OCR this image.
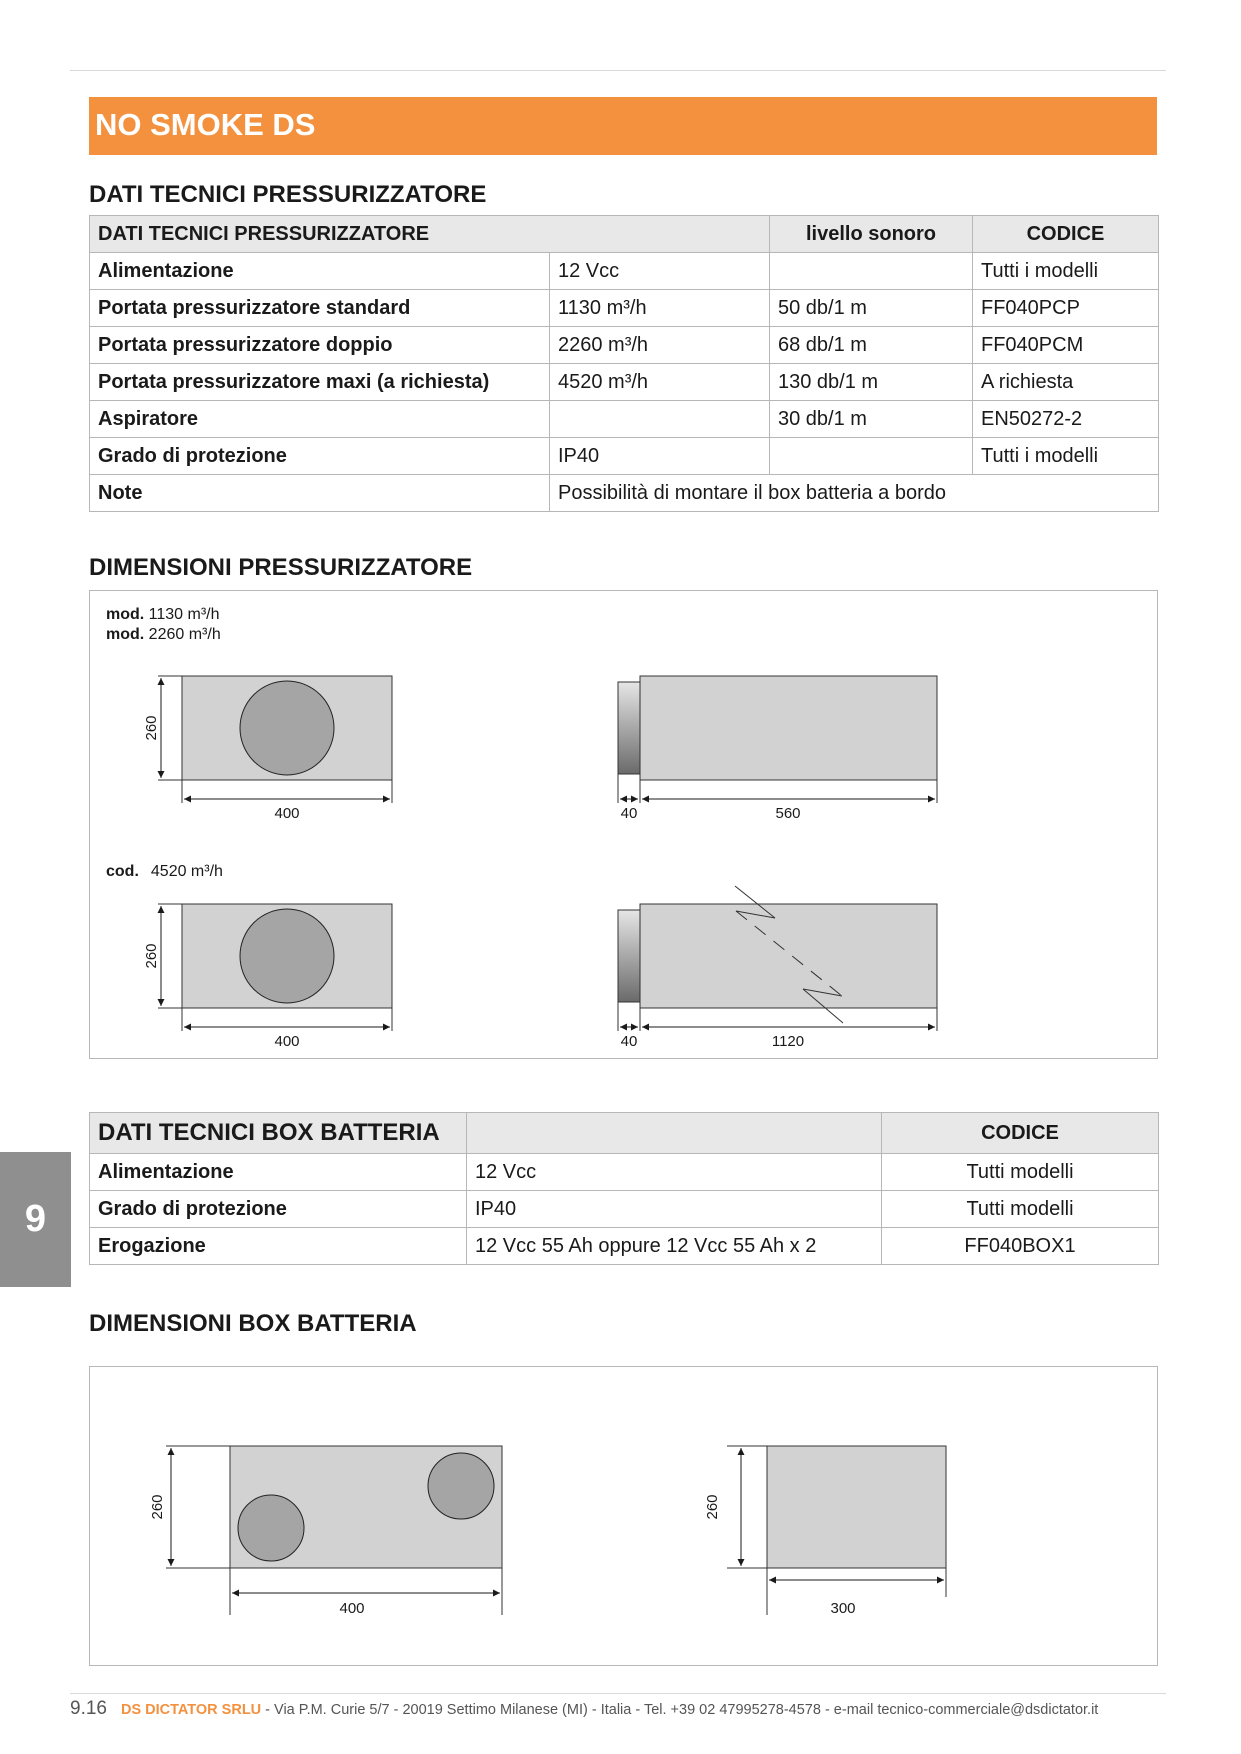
NO SMOKE DS
DATI TECNICI PRESSURIZZATORE
DATI TECNICI PRESSURIZZATORE		livello sonoro	CODICE
Alimentazione	12 Vcc		Tutti i modelli
Portata pressurizzatore standard	1130 m³/h	50 db/1 m	FF040PCP
Portata pressurizzatore doppio	2260 m³/h	68 db/1 m	FF040PCM
Portata pressurizzatore maxi (a richiesta)	4520 m³/h	130 db/1 m	A richiesta
Aspiratore		30 db/1 m	EN50272-2
Grado di protezione	IP40		Tutti i modelli
Note	Possibilità di montare il box batteria a bordo		
DIMENSIONI PRESSURIZZATORE
mod. 1130 m³/h
mod. 2260 m³/h
260
400	40	560
cod. 4520 m³/h
260
400	40	1120
DATI TECNICI BOX BATTERIA		CODICE
Alimentazione	12 Vcc	Tutti modelli
Grado di protezione	IP40	Tutti modelli
Erogazione	12 Vcc 55 Ah oppure 12 Vcc 55 Ah x 2	FF040BOX1
DIMENSIONI BOX BATTERIA
260
400
260
300
9
9.16 DS DICTATOR SRLU - Via P.M. Curie 5/7 - 20019 Settimo Milanese (MI) - Italia - Tel. +39 02 47995278-4578 - e-mail tecnico-commerciale@dsdictator.it
